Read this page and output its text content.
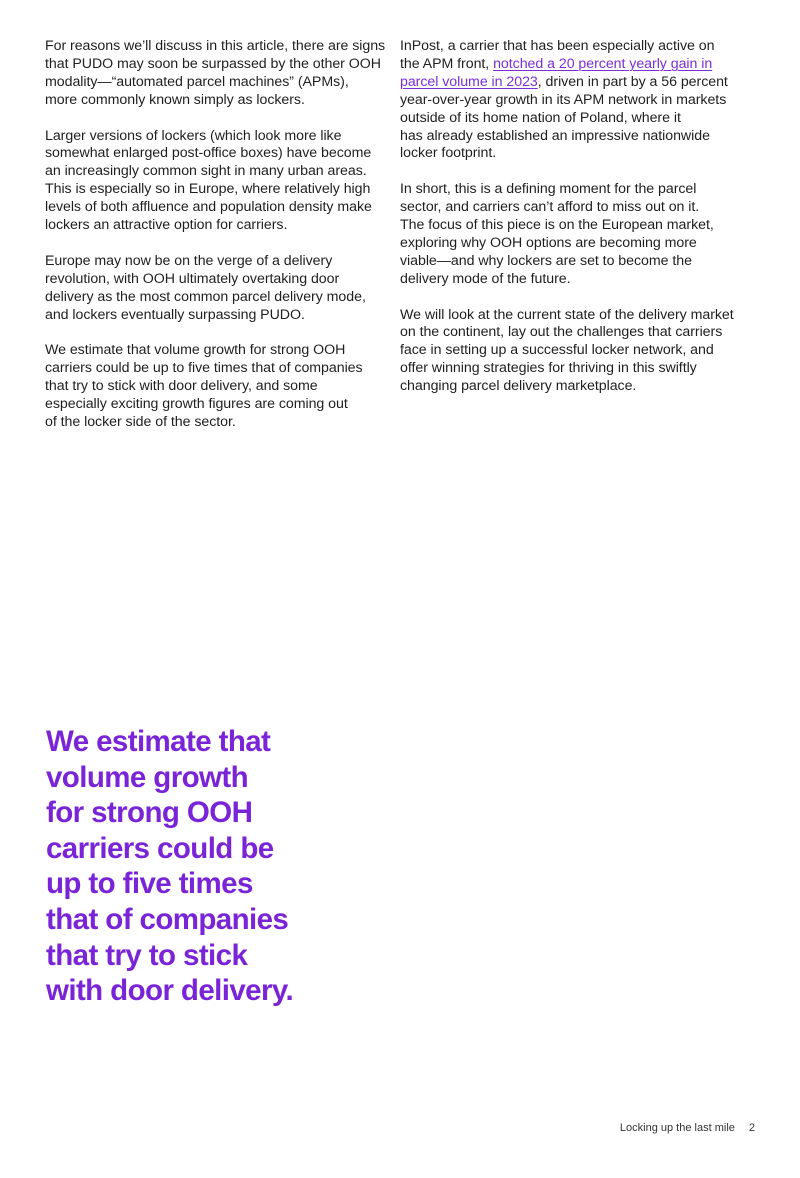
For reasons we’ll discuss in this article, there are signs
that PUDO may soon be surpassed by the other OOH
modality—“automated parcel machines” (APMs),
more commonly known simply as lockers.

Larger versions of lockers (which look more like
somewhat enlarged post-office boxes) have become
an increasingly common sight in many urban areas.
This is especially so in Europe, where relatively high
levels of both affluence and population density make
lockers an attractive option for carriers.

Europe may now be on the verge of a delivery
revolution, with OOH ultimately overtaking door
delivery as the most common parcel delivery mode,
and lockers eventually surpassing PUDO.

We estimate that volume growth for strong OOH
carriers could be up to five times that of companies
that try to stick with door delivery, and some
especially exciting growth figures are coming out
of the locker side of the sector.

InPost, a carrier that has been especially active on
the APM front, notched a 20 percent yearly gain in
parcel volume in 2023, driven in part by a 56 percent
year-over-year growth in its APM network in markets
outside of its home nation of Poland, where it
has already established an impressive nationwide
locker footprint.

In short, this is a defining moment for the parcel
sector, and carriers can’t afford to miss out on it.
The focus of this piece is on the European market,
exploring why OOH options are becoming more
viable—and why lockers are set to become the
delivery mode of the future.

We will look at the current state of the delivery market
on the continent, lay out the challenges that carriers
face in setting up a successful locker network, and
offer winning strategies for thriving in this swiftly
changing parcel delivery marketplace.

We estimate that
volume growth
for strong OOH
carriers could be
up to five times
that of companies
that try to stick
with door delivery.
Locking up the last mile 2
